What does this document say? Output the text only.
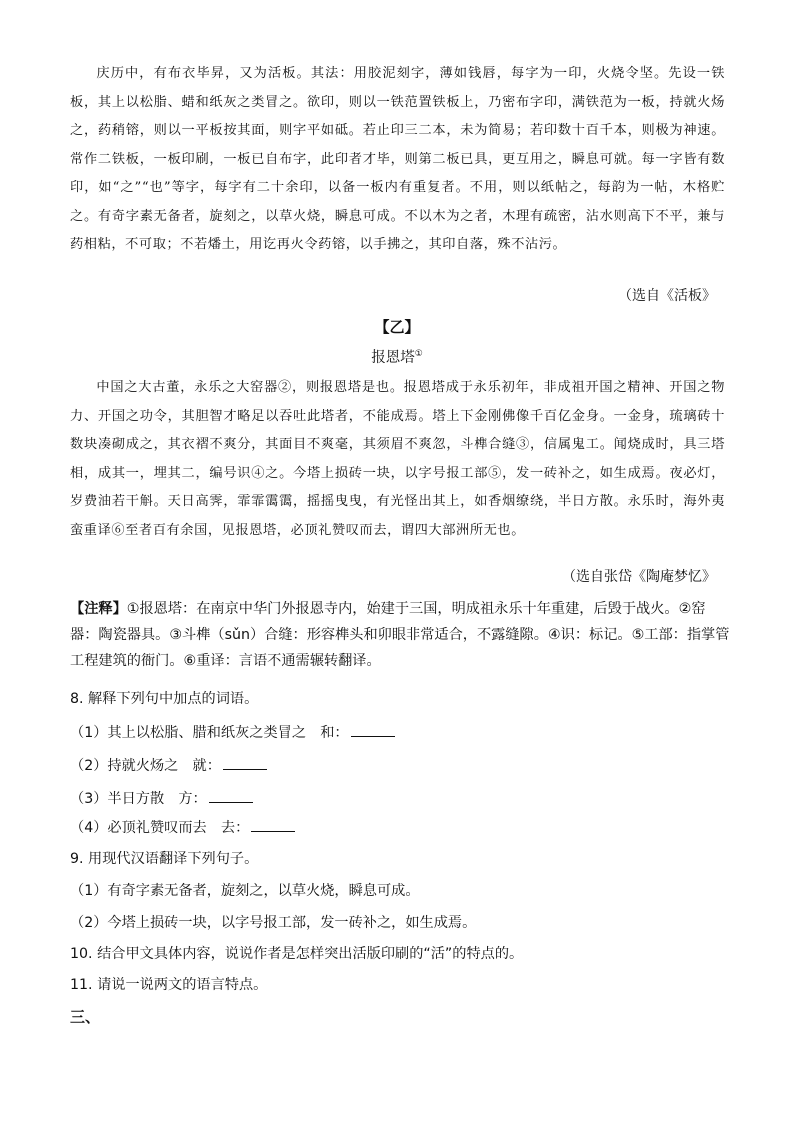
庆历中，有布衣毕昇，又为活板。其法：用胶泥刻字，薄如钱唇，每字为一印，火烧令坚。先设一铁板，其上以松脂、蜡和纸灰之类冒之。欲印，则以一铁范置铁板上，乃密布字印，满铁范为一板，持就火炀之，药稍镕，则以一平板按其面，则字平如砥。若止印三二本，未为简易；若印数十百千本，则极为神速。常作二铁板，一板印刷，一板已自布字，此印者才毕，则第二板已具，更互用之，瞬息可就。每一字皆有数印，如“之”“也”等字，每字有二十余印，以备一板内有重复者。不用，则以纸帖之，每韵为一帖，木格贮之。有奇字素无备者，旋刻之，以草火烧，瞬息可成。不以木为之者，木理有疏密，沾水则高下不平，兼与药相粘，不可取；不若燔土，用讫再火令药镕，以手拂之，其印自落，殊不沾污。

（选自《活板》
【乙】
报恩塔①

中国之大古董，永乐之大窑器②，则报恩塔是也。报恩塔成于永乐初年，非成祖开国之精神、开国之物力、开国之功令，其胆智才略足以吞吐此塔者，不能成焉。塔上下金刚佛像千百亿金身。一金身，琉璃砖十数块凑砌成之，其衣褶不爽分，其面目不爽毫，其须眉不爽忽，斗榫合缝③，信属鬼工。闻烧成时，具三塔相，成其一，埋其二，编号识④之。今塔上损砖一块，以字号报工部⑤，发一砖补之，如生成焉。夜必灯，岁费油若干斛。天日高霁，霏霏霭霭，摇摇曳曳，有光怪出其上，如香烟缭绕，半日方散。永乐时，海外夷蛮重译⑥至者百有余国，见报恩塔，必顶礼赞叹而去，谓四大部洲所无也。

（选自张岱《陶庵梦忆》

【注释】①报恩塔：在南京中华门外报恩寺内，始建于三国，明成祖永乐十年重建，后毁于战火。②窑器：陶瓷器具。③斗榫（sǔn）合缝：形容榫头和卯眼非常适合，不露缝隙。④识：标记。⑤工部：指掌管工程建筑的衙门。⑥重译：言语不通需辗转翻译。

8. 解释下列句中加点的词语。
（1）其上以松脂、腊和纸灰之类冒之　和：
（2）持就火炀之　就：
（3）半日方散　方：
（4）必顶礼赞叹而去　去：
9. 用现代汉语翻译下列句子。
（1）有奇字素无备者，旋刻之，以草火烧，瞬息可成。
（2）今塔上损砖一块，以字号报工部，发一砖补之，如生成焉。
10. 结合甲文具体内容，说说作者是怎样突出活版印刷的“活”的特点的。
11. 请说一说两文的语言特点。
三、
